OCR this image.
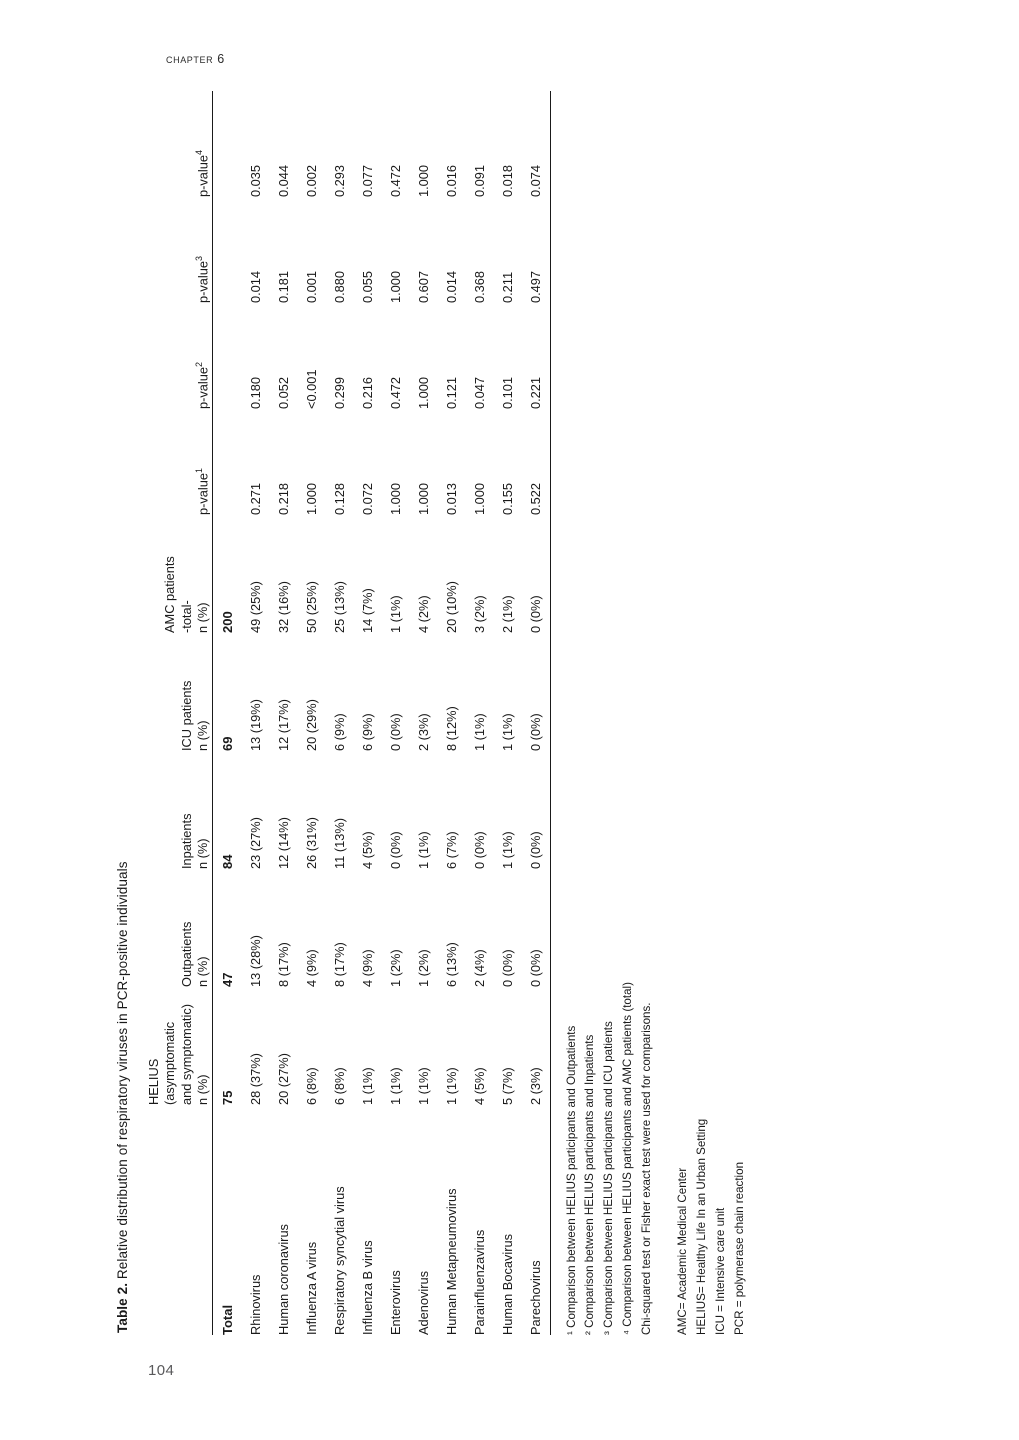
chapter 6
Table 2. Relative distribution of respiratory viruses in PCR-positive individuals
	HELIUS (asymptomatic
and symptomatic)
n (%)	Outpatients n (%)	Inpatients n (%)	ICU patients n (%)	AMC patients -total-
n (%)	p-value$^1$	p-value$^2$	p-value$^3$	p-value$^4$
Total	75	47	84	69	200				
Rhinovirus	28 (37%)	13 (28%)	23 (27%)	13 (19%)	49 (25%)	0.271	0.180	0.014	0.035
Human coronavirus	20 (27%)	8 (17%)	12 (14%)	12 (17%)	32 (16%)	0.218	0.052	0.181	0.044
Influenza A virus	6 (8%)	4 (9%)	26 (31%)	20 (29%)	50 (25%)	1.000	<0.001	0.001	0.002
Respiratory syncytial virus	6 (8%)	8 (17%)	11 (13%)	6 (9%)	25 (13%)	0.128	0.299	0.880	0.293
Influenza B virus	1 (1%)	4 (9%)	4 (5%)	6 (9%)	14 (7%)	0.072	0.216	0.055	0.077
Enterovirus	1 (1%)	1 (2%)	0 (0%)	0 (0%)	1 (1%)	1.000	0.472	1.000	0.472
Adenovirus	1 (1%)	1 (2%)	1 (1%)	2 (3%)	4 (2%)	1.000	1.000	0.607	1.000
Human Metapneumovirus	1 (1%)	6 (13%)	6 (7%)	8 (12%)	20 (10%)	0.013	0.121	0.014	0.016
Parainfluenzavirus	4 (5%)	2 (4%)	0 (0%)	1 (1%)	3 (2%)	1.000	0.047	0.368	0.091
Human Bocavirus	5 (7%)	0 (0%)	1 (1%)	1 (1%)	2 (1%)	0.155	0.101	0.211	0.018
Parechovirus	2 (3%)	0 (0%)	0 (0%)	0 (0%)	0 (0%)	0.522	0.221	0.497	0.074
¹ Comparison between HELIUS participants and Outpatients ² Comparison between HELIUS participants and Inpatients ³ Comparison between HELIUS participants and ICU patients ⁴ Comparison between HELIUS participants and AMC patients (total) Chi-squared test or Fisher exact test were used for comparisons.	AMC= Academic Medical Center HELIUS= Healthy Life In an Urban Setting ICU = Intensive care unit PCR = polymerase chain reaction
104
